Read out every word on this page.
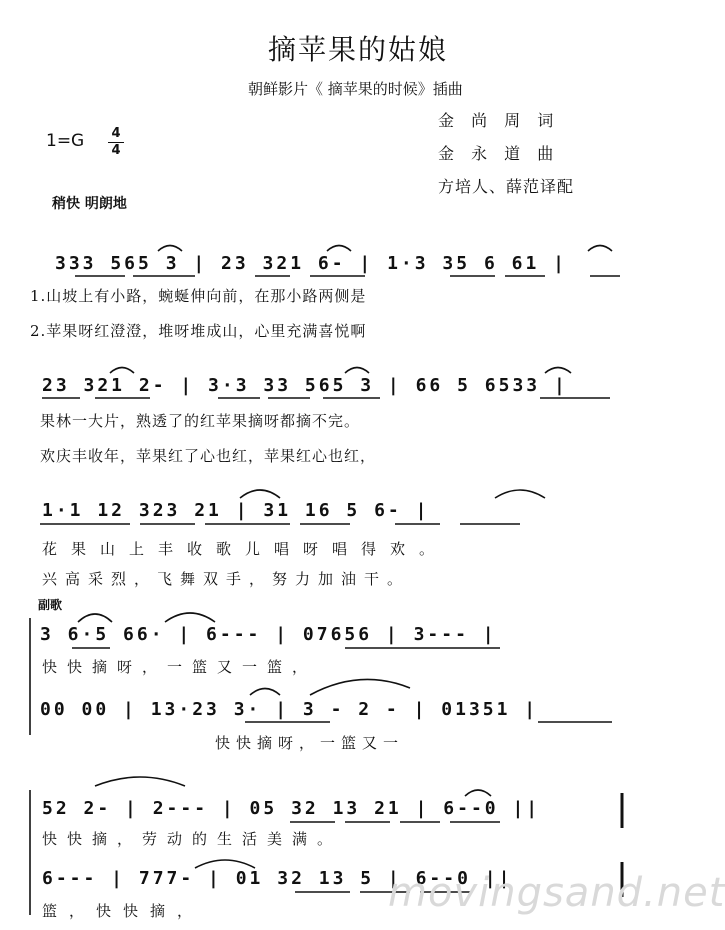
摘苹果的姑娘
朝鲜影片《 摘苹果的时候》插曲
金 尚 周 词
金 永 道 曲
方培人、薛范译配
1=G 4
4
稍快 明朗地
333 565 3 | 23 321 6- | 1·3 35 6 61 |
1.山坡上有小路，蜿蜒伸向前，在那小路两侧是
2.苹果呀红澄澄，堆呀堆成山，心里充满喜悦啊
23 321 2- | 3·3 33 565 3 | 66 5 6533 |
果林一大片，熟透了的红苹果摘呀都摘不完。
欢庆丰收年，苹果红了心也红，苹果红心也红，
1·1 12 323 21 | 31 16 5 6- |
花果山上丰收歌儿唱呀唱得欢。
兴高采烈，飞舞双手，努力加油干。
副歌
3 6·5 66· | 6--- | 07656 | 3--- |
快快摘呀，一篮又一篮，
00 00 | 13·23 3· | 3 - 2 - | 01351 |
快快摘呀，一篮又一
52 2- | 2--- | 05 32 13 21 | 6--0 ||
快快摘，劳动的生活美满。
6--- | 777- | 01 32 13 5 | 6--0 ||
篮，快快摘，	movingsand.net
